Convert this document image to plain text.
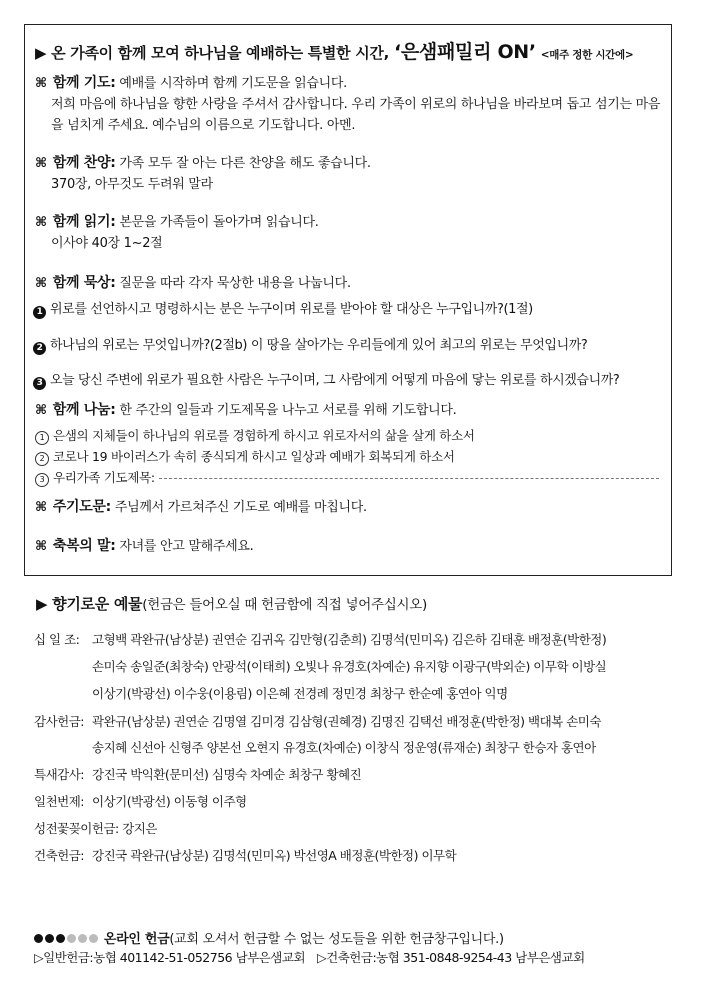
▶ 온 가족이 함께 모여 하나님을 예배하는 특별한 시간, ‘은샘패밀리 ON’ <매주 정한 시간에>
⌘ 함께 기도: 예배를 시작하며 함께 기도문을 읽습니다.
저희 마음에 하나님을 향한 사랑을 주셔서 감사합니다. 우리 가족이 위로의 하나님을 바라보며 돕고 섬기는 마음을 넘치게 주세요. 예수님의 이름으로 기도합니다. 아멘.
⌘ 함께 찬양: 가족 모두 잘 아는 다른 찬양을 해도 좋습니다.
370장, 아무것도 두려워 말라
⌘ 함께 읽기: 본문을 가족들이 돌아가며 읽습니다.
이사야 40장 1~2절
⌘ 함께 묵상: 질문을 따라 각자 묵상한 내용을 나눕니다.
1 위로를 선언하시고 명령하시는 분은 누구이며 위로를 받아야 할 대상은 누구입니까?(1절)
2 하나님의 위로는 무엇입니까?(2절b) 이 땅을 살아가는 우리들에게 있어 최고의 위로는 무엇입니까?
3 오늘 당신 주변에 위로가 필요한 사람은 누구이며, 그 사람에게 어떻게 마음에 닿는 위로를 하시겠습니까?
⌘ 함께 나눔: 한 주간의 일들과 기도제목을 나누고 서로를 위해 기도합니다.
1 은샘의 지체들이 하나님의 위로를 경험하게 하시고 위로자서의 삶을 살게 하소서
2 코로나 19 바이러스가 속히 종식되게 하시고 일상과 예배가 회복되게 하소서
3 우리가족 기도제목:
⌘ 주기도문: 주님께서 가르쳐주신 기도로 예배를 마칩니다.
⌘ 축복의 말: 자녀를 안고 말해주세요.
▶ 향기로운 예물(헌금은 들어오실 때 헌금함에 직접 넣어주십시오)
십 일 조: 고형백 곽완규(남상분) 권연순 김귀옥 김만형(김춘희) 김명석(민미옥) 김은하 김태훈 배정훈(박한정)
손미숙 송일준(최창숙) 안광석(이태희) 오빛나 유경호(차예순) 유지향 이광구(박외순) 이무학 이방실
이상기(박광선) 이수웅(이용림) 이은혜 전경례 정민경 최창구 한순예 홍연아 익명
감사헌금: 곽완규(남상분) 권연순 김명열 김미경 김삼형(권혜경) 김명진 김택선 배정훈(박한정) 백대복 손미숙
송지혜 신선아 신형주 양본선 오현지 유경호(차예순) 이창식 정운영(류재순) 최창구 한승자 홍연아
특새감사: 강진국 박익환(문미선) 심명숙 차예순 최창구 황혜진
일천번제: 이상기(박광선) 이동형 이주형
성전꽃꽂이헌금: 강지은
건축헌금: 강진국 곽완규(남상분) 김명석(민미옥) 박선영A 배정훈(박한정) 이무학
온라인 헌금(교회 오셔서 헌금할 수 없는 성도들을 위한 헌금창구입니다.)
▷일반헌금:농협 401142-51-052756 남부은샘교회 ▷건축헌금:농협 351-0848-9254-43 남부은샘교회
